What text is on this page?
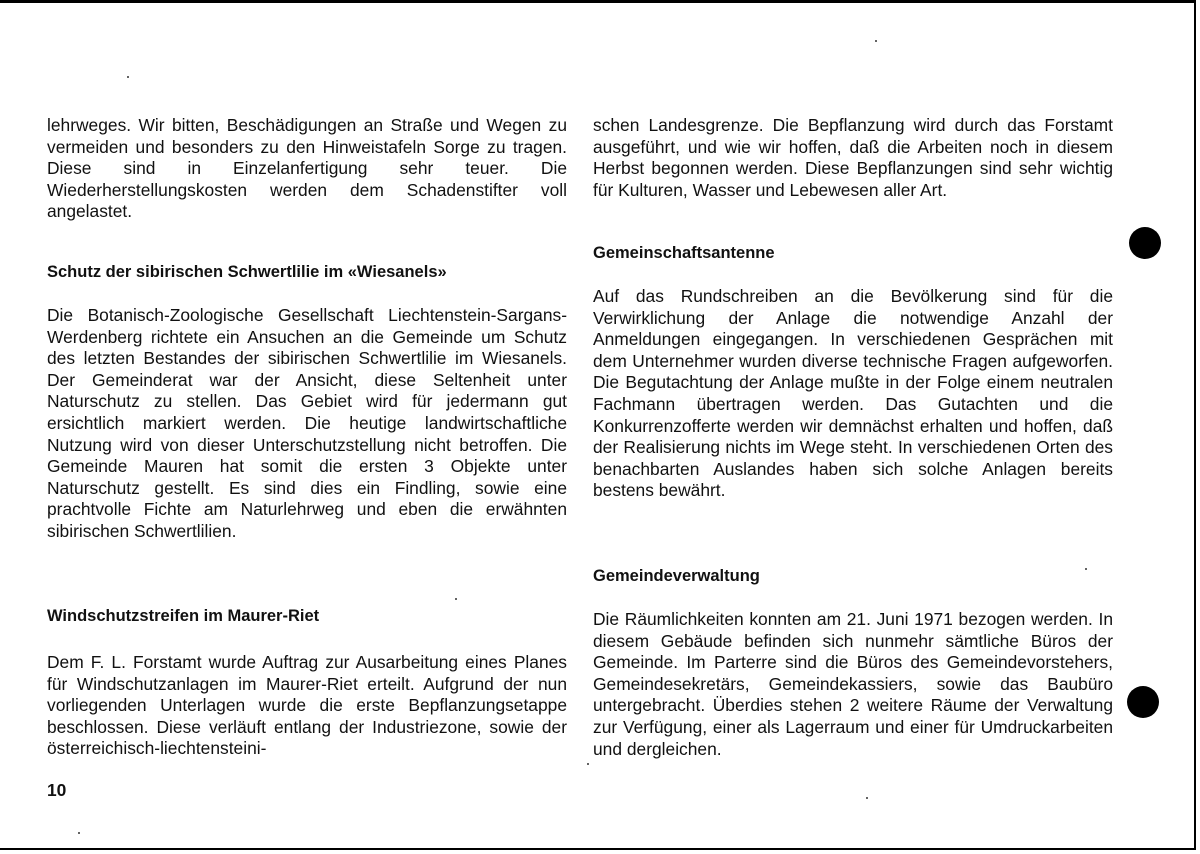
lehrweges. Wir bitten, Beschädigungen an Straße und Wegen zu vermeiden und besonders zu den Hinweistafeln Sorge zu tragen. Diese sind in Einzelanfertigung sehr teuer. Die Wiederherstellungskosten werden dem Schadenstifter voll angelastet.

Schutz der sibirischen Schwertlilie im «Wiesanels»

Die Botanisch-Zoologische Gesellschaft Liechtenstein-Sargans-Werdenberg richtete ein Ansuchen an die Gemeinde um Schutz des letzten Bestandes der sibirischen Schwertlilie im Wiesanels. Der Gemeinderat war der Ansicht, diese Seltenheit unter Naturschutz zu stellen. Das Gebiet wird für jedermann gut ersichtlich markiert werden. Die heutige landwirtschaftliche Nutzung wird von dieser Unterschutzstellung nicht betroffen. Die Gemeinde Mauren hat somit die ersten 3 Objekte unter Naturschutz gestellt. Es sind dies ein Findling, sowie eine prachtvolle Fichte am Naturlehrweg und eben die erwähnten sibirischen Schwertlilien.

Windschutzstreifen im Maurer-Riet

Dem F. L. Forstamt wurde Auftrag zur Ausarbeitung eines Planes für Windschutzanlagen im Maurer-Riet erteilt. Aufgrund der nun vorliegenden Unterlagen wurde die erste Bepflanzungsetappe beschlossen. Diese verläuft entlang der Industriezone, sowie der österreichisch-liechtensteini-

schen Landesgrenze. Die Bepflanzung wird durch das Forstamt ausgeführt, und wie wir hoffen, daß die Arbeiten noch in diesem Herbst begonnen werden. Diese Bepflanzungen sind sehr wichtig für Kulturen, Wasser und Lebewesen aller Art.

Gemeinschaftsantenne

Auf das Rundschreiben an die Bevölkerung sind für die Verwirklichung der Anlage die notwendige Anzahl der Anmeldungen eingegangen. In verschiedenen Gesprächen mit dem Unternehmer wurden diverse technische Fragen aufgeworfen. Die Begutachtung der Anlage mußte in der Folge einem neutralen Fachmann übertragen werden. Das Gutachten und die Konkurrenzofferte werden wir demnächst erhalten und hoffen, daß der Realisierung nichts im Wege steht. In verschiedenen Orten des benachbarten Auslandes haben sich solche Anlagen bereits bestens bewährt.

Gemeindeverwaltung

Die Räumlichkeiten konnten am 21. Juni 1971 bezogen werden. In diesem Gebäude befinden sich nunmehr sämtliche Büros der Gemeinde. Im Parterre sind die Büros des Gemeindevorstehers, Gemeindesekretärs, Gemeindekassiers, sowie das Baubüro untergebracht. Überdies stehen 2 weitere Räume der Verwaltung zur Verfügung, einer als Lagerraum und einer für Umdruckarbeiten und dergleichen.

10
